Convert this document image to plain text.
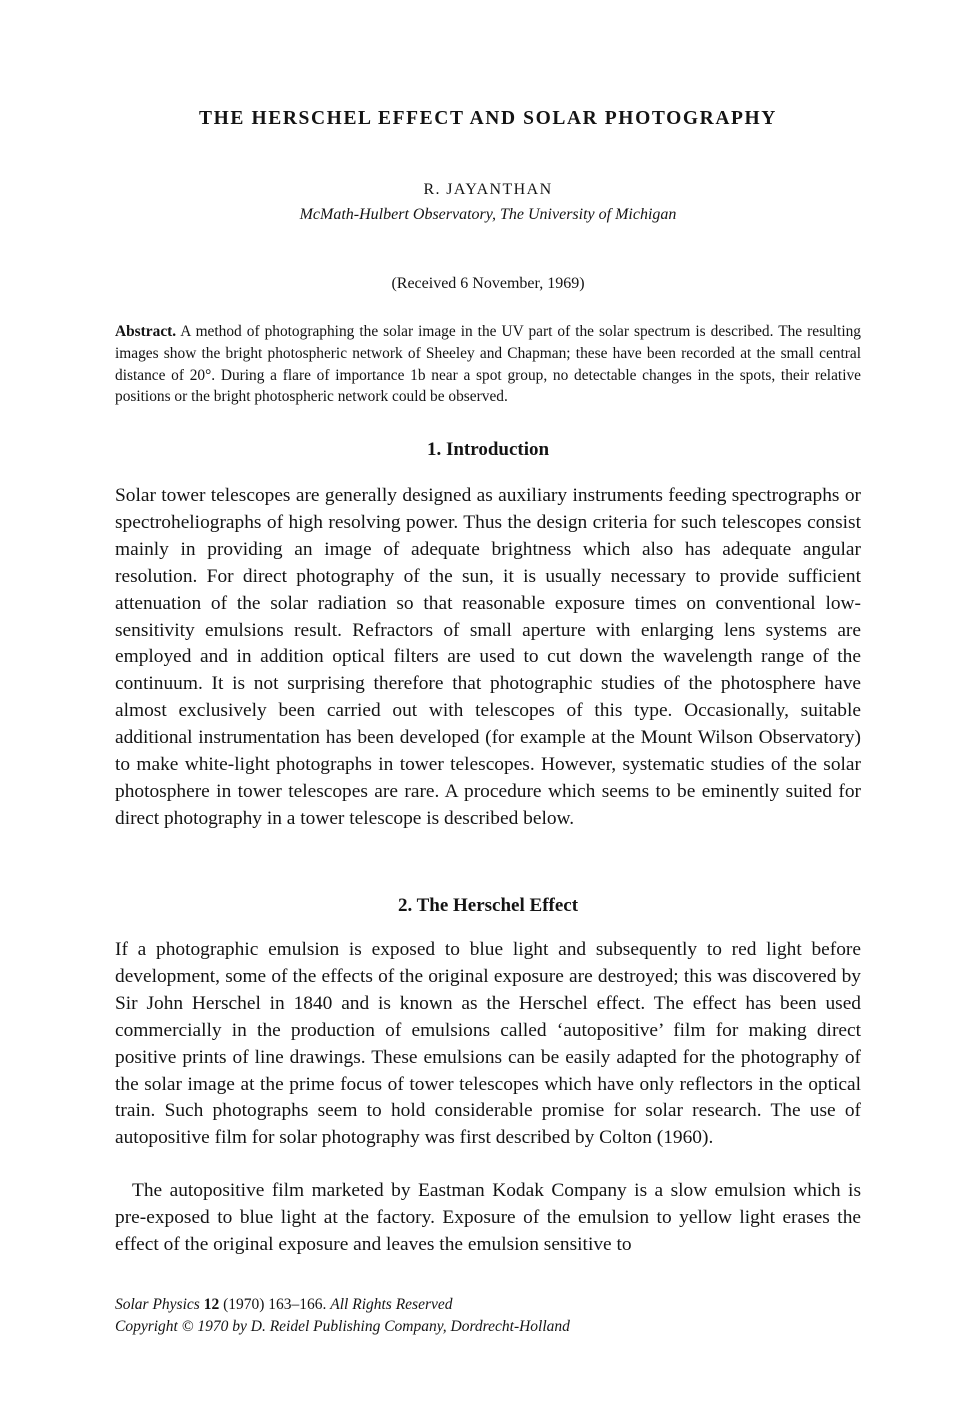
THE HERSCHEL EFFECT AND SOLAR PHOTOGRAPHY

R. JAYANTHAN

McMath-Hulbert Observatory, The University of Michigan

(Received 6 November, 1969)

Abstract. A method of photographing the solar image in the UV part of the solar spectrum is described. The resulting images show the bright photospheric network of Sheeley and Chapman; these have been recorded at the small central distance of 20°. During a flare of importance 1b near a spot group, no detectable changes in the spots, their relative positions or the bright photospheric network could be observed.

1. Introduction

Solar tower telescopes are generally designed as auxiliary instruments feeding spectrographs or spectroheliographs of high resolving power. Thus the design criteria for such telescopes consist mainly in providing an image of adequate brightness which also has adequate angular resolution. For direct photography of the sun, it is usually necessary to provide sufficient attenuation of the solar radiation so that reasonable exposure times on conventional low-sensitivity emulsions result. Refractors of small aperture with enlarging lens systems are employed and in addition optical filters are used to cut down the wavelength range of the continuum. It is not surprising therefore that photographic studies of the photosphere have almost exclusively been carried out with telescopes of this type. Occasionally, suitable additional instrumentation has been developed (for example at the Mount Wilson Observatory) to make white-light photographs in tower telescopes. However, systematic studies of the solar photosphere in tower telescopes are rare. A procedure which seems to be eminently suited for direct photography in a tower telescope is described below.

2. The Herschel Effect

If a photographic emulsion is exposed to blue light and subsequently to red light before development, some of the effects of the original exposure are destroyed; this was discovered by Sir John Herschel in 1840 and is known as the Herschel effect. The effect has been used commercially in the production of emulsions called ‘autopositive’ film for making direct positive prints of line drawings. These emulsions can be easily adapted for the photography of the solar image at the prime focus of tower telescopes which have only reflectors in the optical train. Such photographs seem to hold considerable promise for solar research. The use of autopositive film for solar photography was first described by Colton (1960).

The autopositive film marketed by Eastman Kodak Company is a slow emulsion which is pre-exposed to blue light at the factory. Exposure of the emulsion to yellow light erases the effect of the original exposure and leaves the emulsion sensitive to

Solar Physics 12 (1970) 163–166. All Rights Reserved
Copyright © 1970 by D. Reidel Publishing Company, Dordrecht-Holland
